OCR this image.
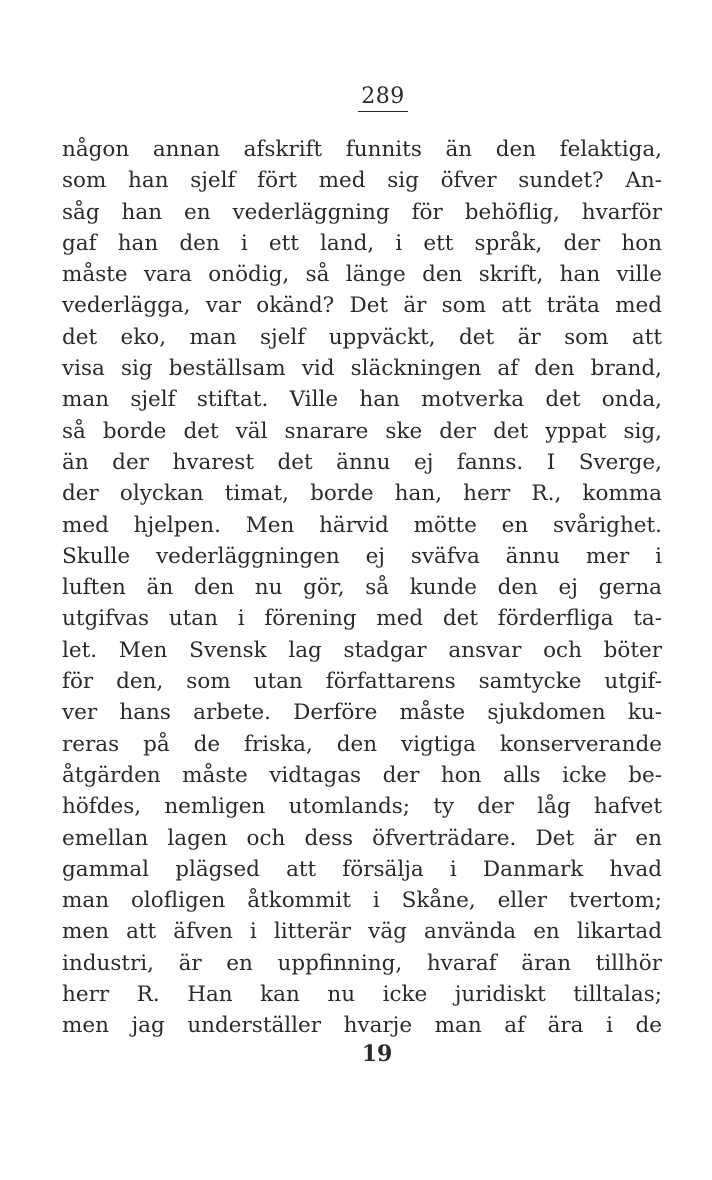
289
någon annan afskrift funnits än den felaktiga,
som han sjelf fört med sig öfver sundet? An-
såg han en vederläggning för behöflig, hvarför
gaf han den i ett land, i ett språk, der hon
måste vara onödig, så länge den skrift, han ville
vederlägga, var okänd? Det är som att träta med
det eko, man sjelf uppväckt, det är som att
visa sig beställsam vid släckningen af den brand,
man sjelf stiftat. Ville han motverka det onda,
så borde det väl snarare ske der det yppat sig,
än der hvarest det ännu ej fanns. I Sverge,
der olyckan timat, borde han, herr R., komma
med hjelpen. Men härvid mötte en svårighet.
Skulle vederläggningen ej sväfva ännu mer i
luften än den nu gör, så kunde den ej gerna
utgifvas utan i förening med det förderfliga ta-
let. Men Svensk lag stadgar ansvar och böter
för den, som utan författarens samtycke utgif-
ver hans arbete. Derföre måste sjukdomen ku-
reras på de friska, den vigtiga konserverande
åtgärden måste vidtagas der hon alls icke be-
höfdes, nemligen utomlands; ty der låg hafvet
emellan lagen och dess öfverträdare. Det är en
gammal plägsed att försälja i Danmark hvad
man olofligen åtkommit i Skåne, eller tvertom;
men att äfven i litterär väg använda en likartad
industri, är en uppfinning, hvaraf äran tillhör
herr R. Han kan nu icke juridiskt tilltalas;
men jag underställer hvarje man af ära i de
19
